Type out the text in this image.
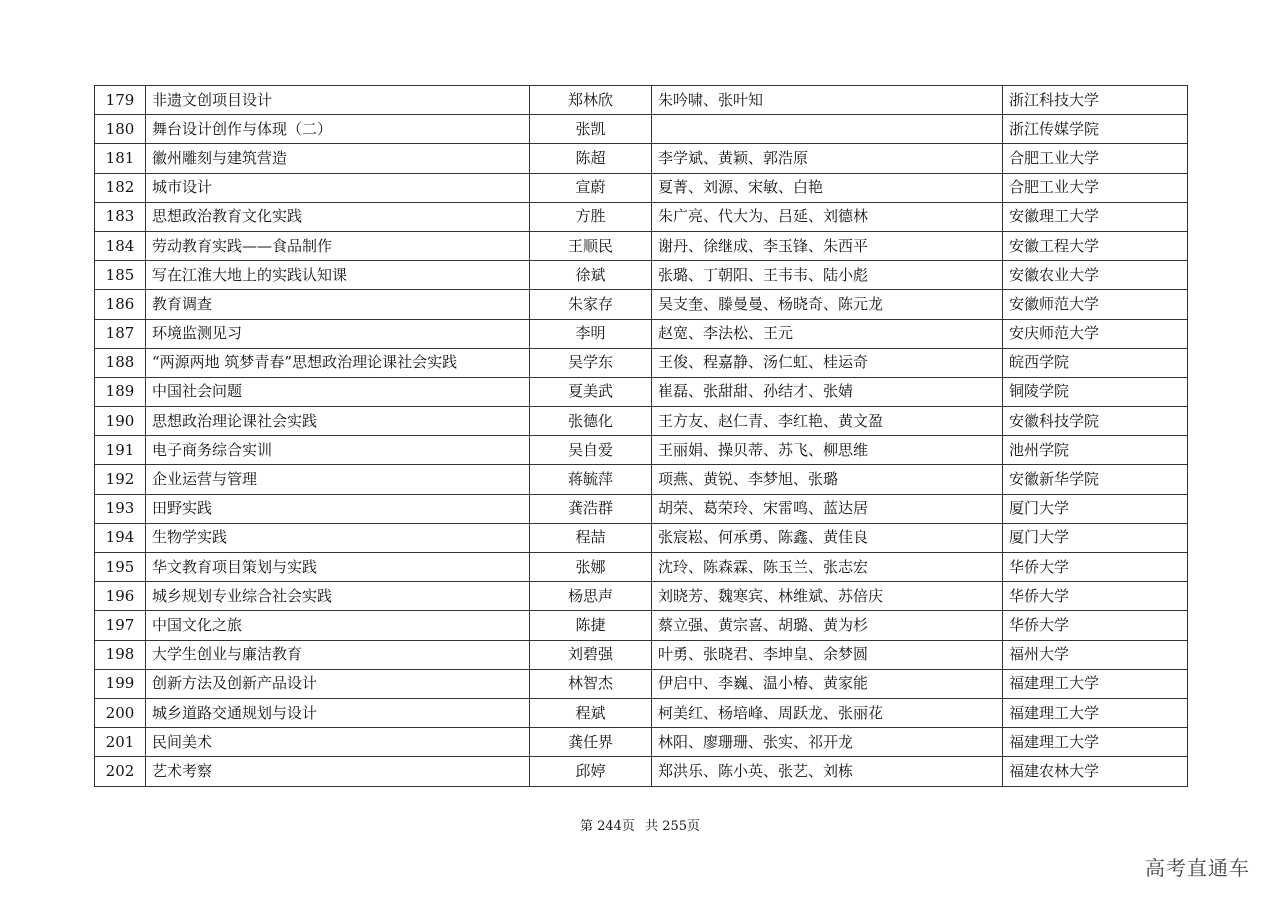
179	非遗文创项目设计	郑林欣	朱吟啸、张叶知	浙江科技大学
180	舞台设计创作与体现（二）	张凯		浙江传媒学院
181	徽州雕刻与建筑营造	陈超	李学斌、黄颖、郭浩原	合肥工业大学
182	城市设计	宣蔚	夏菁、刘源、宋敏、白艳	合肥工业大学
183	思想政治教育文化实践	方胜	朱广亮、代大为、吕延、刘德林	安徽理工大学
184	劳动教育实践——食品制作	王顺民	谢丹、徐继成、李玉锋、朱西平	安徽工程大学
185	写在江淮大地上的实践认知课	徐斌	张璐、丁朝阳、王韦韦、陆小彪	安徽农业大学
186	教育调查	朱家存	吴支奎、滕曼曼、杨晓奇、陈元龙	安徽师范大学
187	环境监测见习	李明	赵宽、李法松、王元	安庆师范大学
188	“两源两地 筑梦青春”思想政治理论课社会实践	吴学东	王俊、程嘉静、汤仁虹、桂运奇	皖西学院
189	中国社会问题	夏美武	崔磊、张甜甜、孙结才、张婧	铜陵学院
190	思想政治理论课社会实践	张德化	王方友、赵仁青、李红艳、黄文盈	安徽科技学院
191	电子商务综合实训	吴自爱	王丽娟、操贝蒂、苏飞、柳思维	池州学院
192	企业运营与管理	蒋毓萍	项燕、黄锐、李梦旭、张璐	安徽新华学院
193	田野实践	龚浩群	胡荣、葛荣玲、宋雷鸣、蓝达居	厦门大学
194	生物学实践	程喆	张宸崧、何承勇、陈鑫、黄佳良	厦门大学
195	华文教育项目策划与实践	张娜	沈玲、陈森霖、陈玉兰、张志宏	华侨大学
196	城乡规划专业综合社会实践	杨思声	刘晓芳、魏寒宾、林维斌、苏倍庆	华侨大学
197	中国文化之旅	陈捷	蔡立强、黄宗喜、胡璐、黄为杉	华侨大学
198	大学生创业与廉洁教育	刘碧强	叶勇、张晓君、李坤皇、余梦圆	福州大学
199	创新方法及创新产品设计	林智杰	伊启中、李巍、温小椿、黄家能	福建理工大学
200	城乡道路交通规划与设计	程斌	柯美红、杨培峰、周跃龙、张丽花	福建理工大学
201	民间美术	龚任界	林阳、廖珊珊、张实、祁开龙	福建理工大学
202	艺术考察	邱婷	郑洪乐、陈小英、张艺、刘栋	福建农林大学
第 244页 共 255页
高考直通车
